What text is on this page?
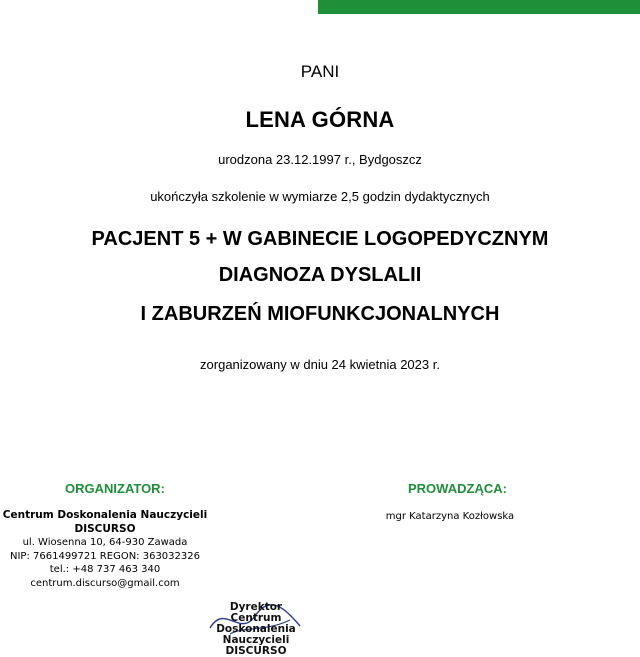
PANI
LENA GÓRNA
urodzona 23.12.1997 r., Bydgoszcz
ukończyła szkolenie w wymiarze 2,5 godzin dydaktycznych
PACJENT 5 + W GABINECIE LOGOPEDYCZNYM
DIAGNOZA DYSLALII
I ZABURZEŃ MIOFUNKCJONALNYCH
zorganizowany w dniu 24 kwietnia 2023 r.
ORGANIZATOR:	PROWADZĄCA:
Centrum Doskonalenia Nauczycieli
DISCURSO
ul. Wiosenna 10, 64-930 Zawada
NIP: 7661499721 REGON: 363032326
tel.: +48 737 463 340
centrum.discurso@gmail.com
mgr Katarzyna Kozłowska
Dyrektor
Centrum Doskonalenia
Nauczycieli DISCURSO
